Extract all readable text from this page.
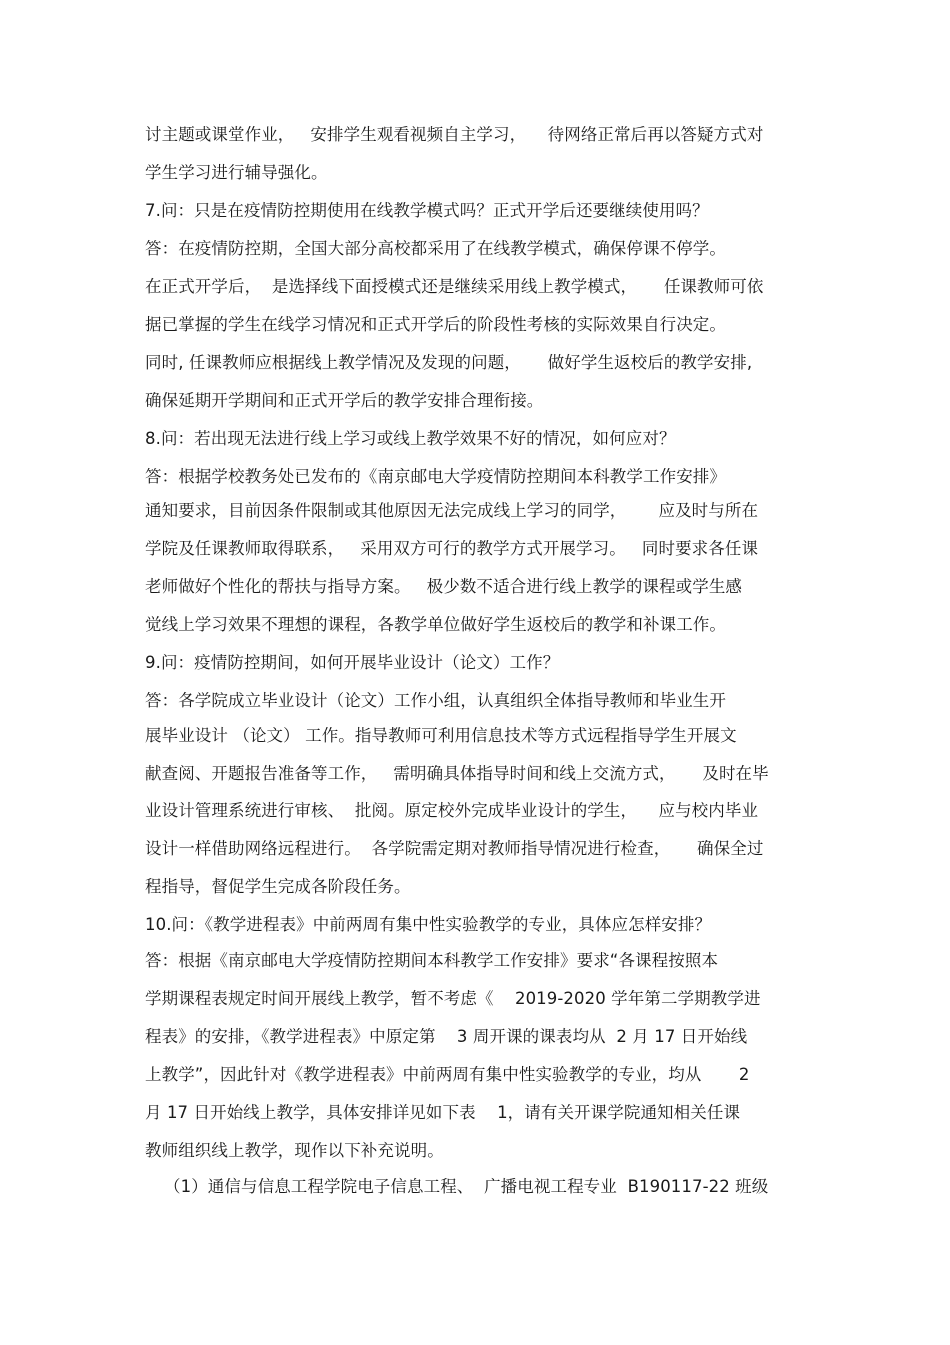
讨主题或课堂作业，   安排学生观看视频自主学习，    待网络正常后再以答疑方式对
学生学习进行辅导强化。
7.问：只是在疫情防控期使用在线教学模式吗？正式开学后还要继续使用吗？
答：在疫情防控期，全国大部分高校都采用了在线教学模式，确保停课不停学。
在正式开学后，  是选择线下面授模式还是继续采用线上教学模式，     任课教师可依
据已掌握的学生在线学习情况和正式开学后的阶段性考核的实际效果自行决定。
同时, 任课教师应根据线上教学情况及发现的问题，     做好学生返校后的教学安排,
确保延期开学期间和正式开学后的教学安排合理衔接。
8.问：若出现无法进行线上学习或线上教学效果不好的情况，如何应对？
答：根据学校教务处已发布的《南京邮电大学疫情防控期间本科教学工作安排》
通知要求，目前因条件限制或其他原因无法完成线上学习的同学，      应及时与所在
学院及任课教师取得联系，   采用双方可行的教学方式开展学习。   同时要求各任课
老师做好个性化的帮扶与指导方案。   极少数不适合进行线上教学的课程或学生感
觉线上学习效果不理想的课程，各教学单位做好学生返校后的教学和补课工作。
9.问：疫情防控期间，如何开展毕业设计（论文）工作？
答：各学院成立毕业设计（论文）工作小组，认真组织全体指导教师和毕业生开
展毕业设计 （论文） 工作。指导教师可利用信息技术等方式远程指导学生开展文
献查阅、开题报告准备等工作，   需明确具体指导时间和线上交流方式，     及时在毕
业设计管理系统进行审核、  批阅。原定校外完成毕业设计的学生，    应与校内毕业
设计一样借助网络远程进行。  各学院需定期对教师指导情况进行检查，     确保全过
程指导，督促学生完成各阶段任务。
10.问：《教学进程表》中前两周有集中性实验教学的专业，具体应怎样安排？
答：根据《南京邮电大学疫情防控期间本科教学工作安排》要求“各课程按照本
学期课程表规定时间开展线上教学，暂不考虑《    2019-2020 学年第二学期教学进
程表》的安排，《教学进程表》中原定第    3 周开课的课表均从  2 月 17 日开始线
上教学”，因此针对《教学进程表》中前两周有集中性实验教学的专业，均从       2
月 17 日开始线上教学，具体安排详见如下表    1，请有关开课学院通知相关任课
教师组织线上教学，现作以下补充说明。
（1）通信与信息工程学院电子信息工程、  广播电视工程专业  B190117-22 班级
